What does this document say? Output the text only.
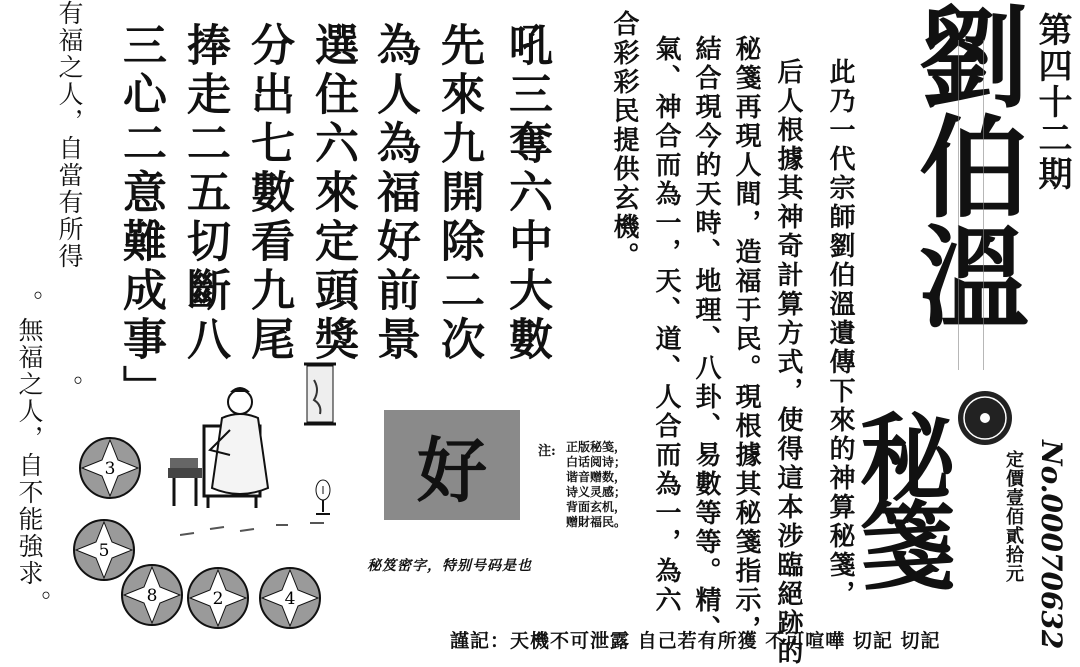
第四十二期
劉伯溫
秘箋	定價壹佰貳拾元 No.00070632
此乃一代宗師劉伯溫遺傳下來的神算秘箋，
后人根據其神奇計算方式，使得這本涉臨絕跡的
秘箋再現人間，造福于民。現根據其秘箋指示，
結合現今的天時、地理、八卦、易數等等。精、
氣、神合而為一，天、道、人合而為一，為六
合彩彩民提供玄機。
吼三奪六中大數
先來九開除二次
為人為福好前景
選住六來定頭獎
分出七數看九尾
捧走二五切斷八
三心二意難成事」
有福之人，自當有所得
。無福之人，自不能強求 。
。
好	注: 正版秘笺，
白话阅诗；
谐音赠数，
诗义灵感；
背面玄机，
赠財福民。
秘笈密字，特别号码是也
3
5
8	2	4
謹記：天機不可泄露 自己若有所獲 不可喧嘩 切記 切記
